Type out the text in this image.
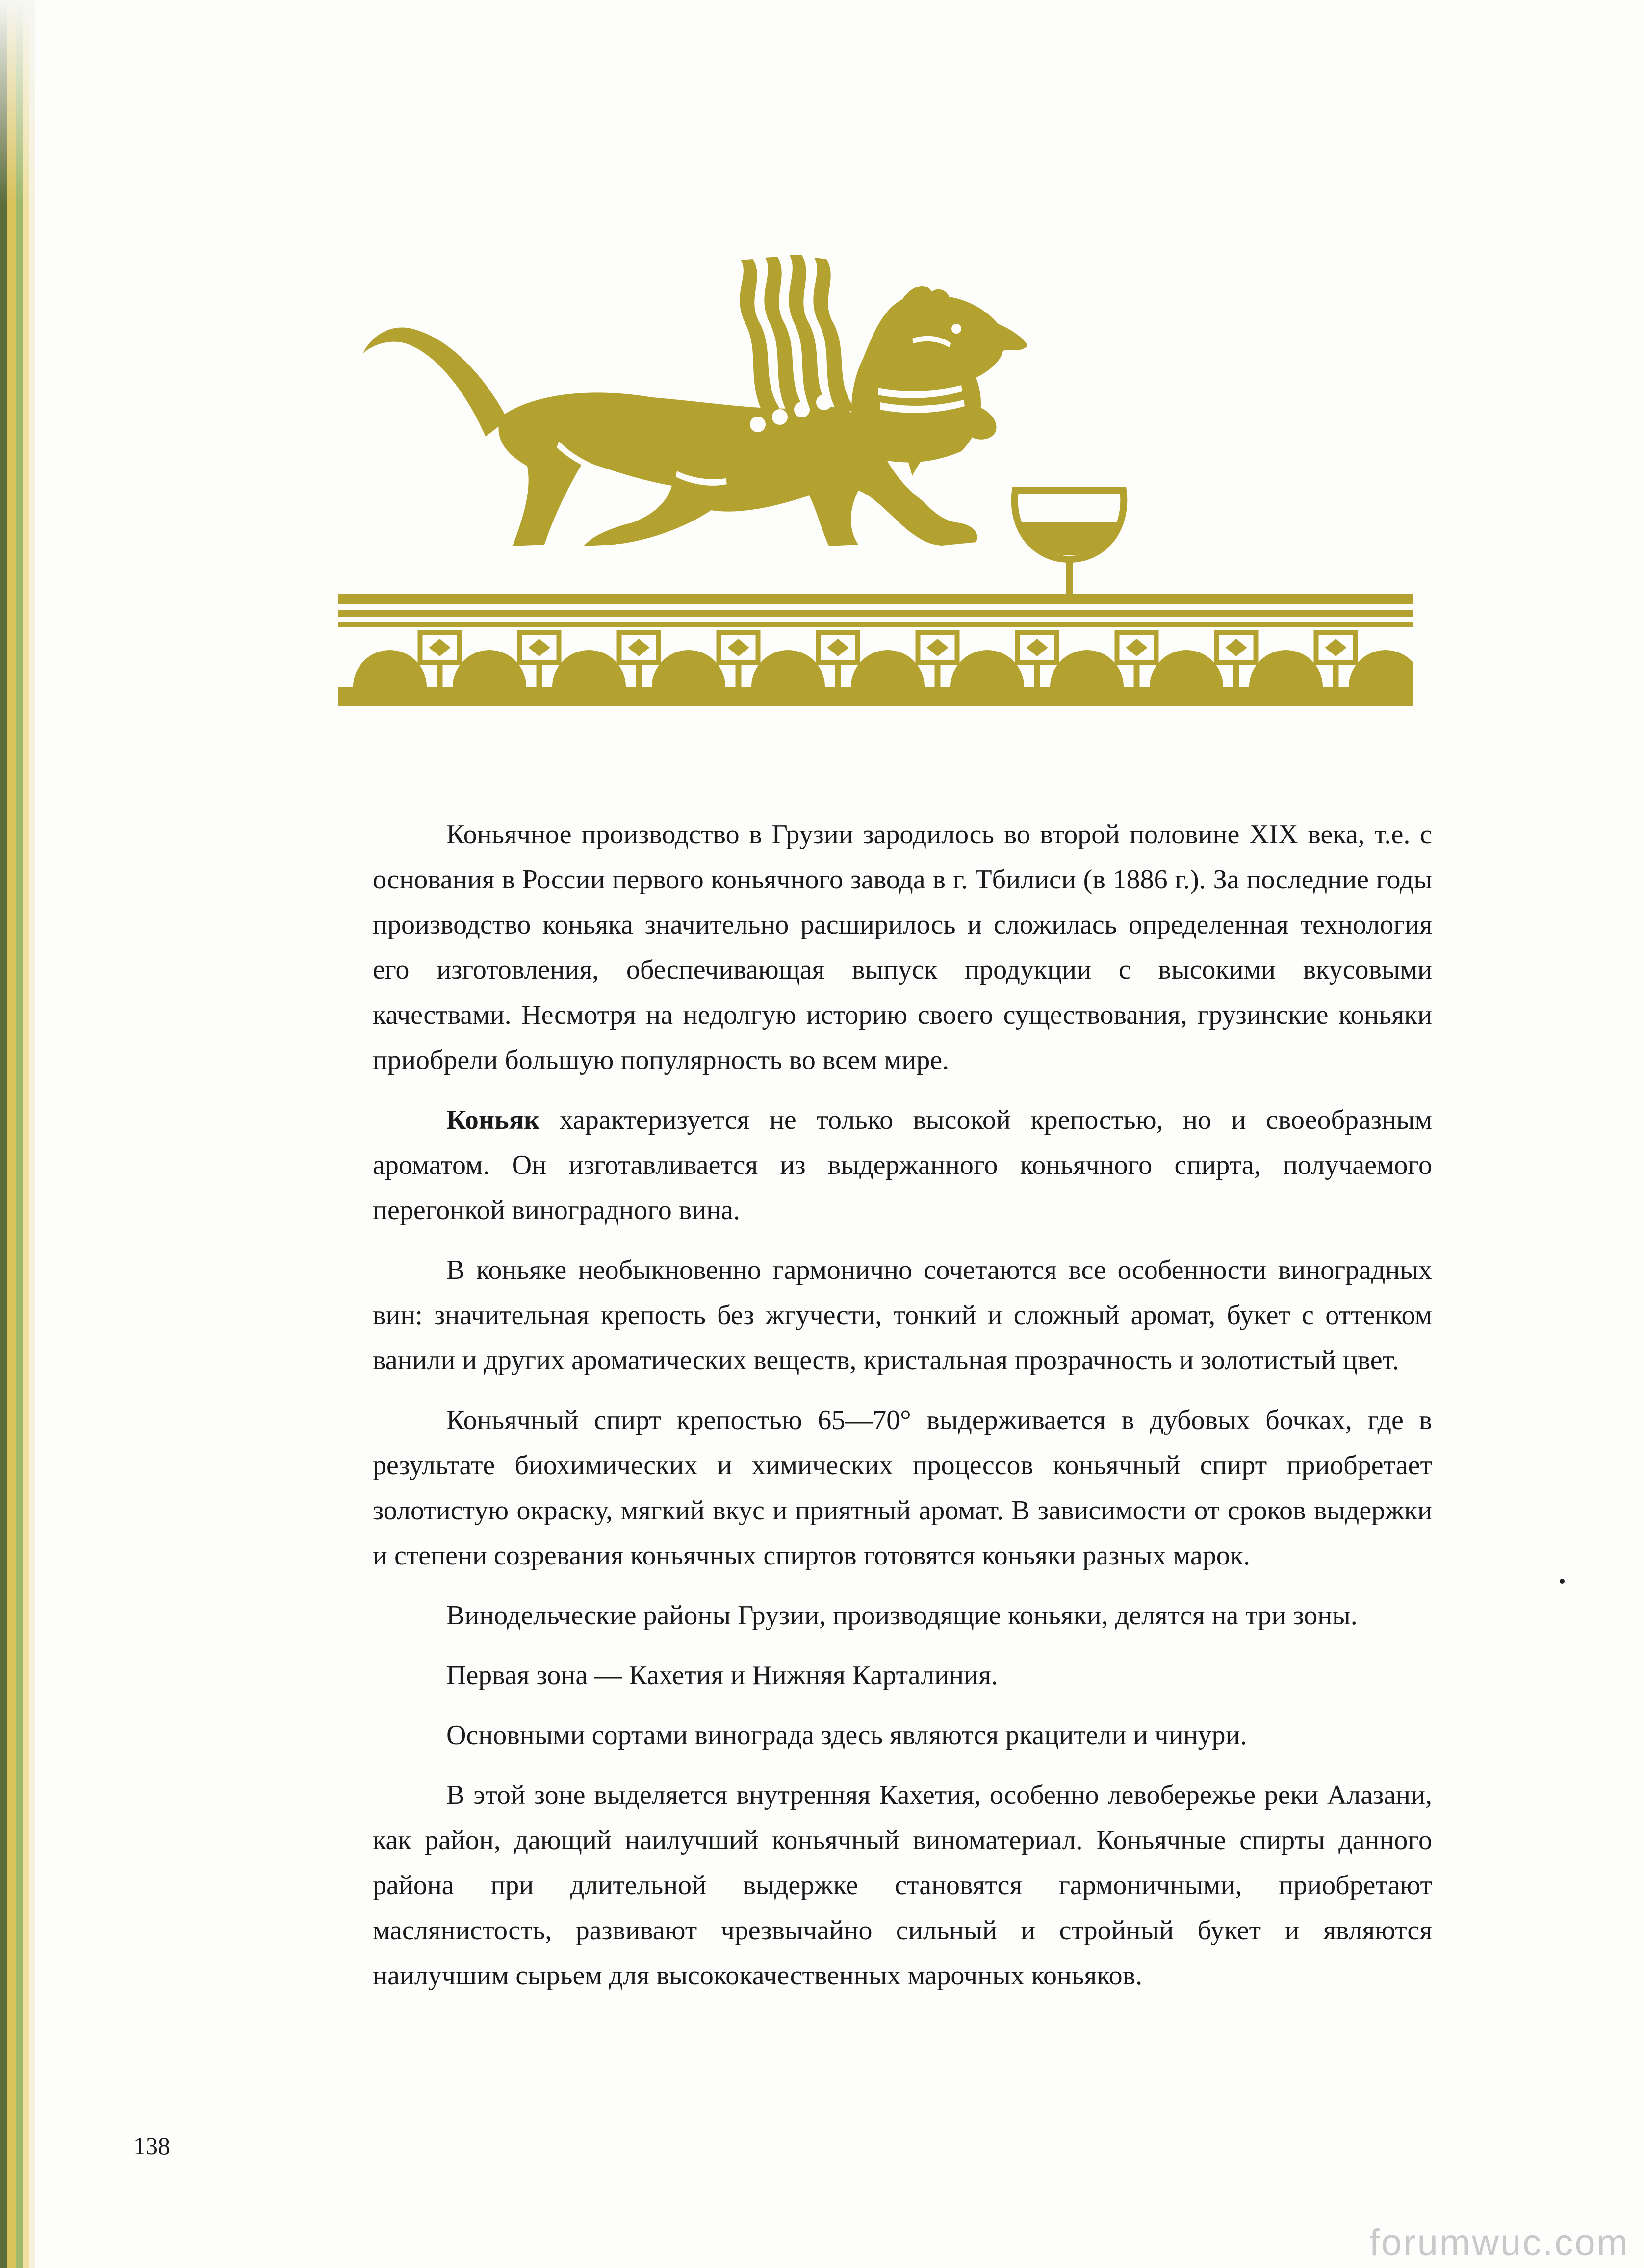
Коньячное производство в Грузии зародилось во второй половине XIX века, т.е. с основания в России первого коньячного завода в г. Тбилиси (в 1886 г.). За последние годы производство коньяка значительно расширилось и сложилась определенная технология его изготовления, обеспечивающая выпуск продукции с высокими вкусовыми качествами. Несмотря на недолгую историю своего существования, грузинские коньяки приобрели большую популярность во всем мире.

Коньяк характеризуется не только высокой крепостью, но и своеобразным ароматом. Он изготавливается из выдержанного коньячного спирта, получаемого перегонкой виноградного вина.

В коньяке необыкновенно гармонично сочетаются все особенности виноградных вин: значительная крепость без жгучести, тонкий и сложный аромат, букет с оттенком ванили и других ароматических веществ, кристальная прозрачность и золотистый цвет.

Коньячный спирт крепостью 65—70° выдерживается в дубовых бочках, где в результате биохимических и химических процессов коньячный спирт приобретает золотистую окраску, мягкий вкус и приятный аромат. В зависимости от сроков выдержки и степени созревания коньячных спиртов готовятся коньяки разных марок.

Винодельческие районы Грузии, производящие коньяки, делятся на три зоны.

Первая зона — Кахетия и Нижняя Карталиния.

Основными сортами винограда здесь являются ркацители и чинури.

В этой зоне выделяется внутренняя Кахетия, особенно левобережье реки Алазани, как район, дающий наилучший коньячный виноматериал. Коньячные спирты данного района при длительной выдержке становятся гармоничными, приобретают маслянистость, развивают чрезвычайно сильный и стройный букет и являются наилучшим сырьем для высококачественных марочных коньяков.

138
forumwuc.com
